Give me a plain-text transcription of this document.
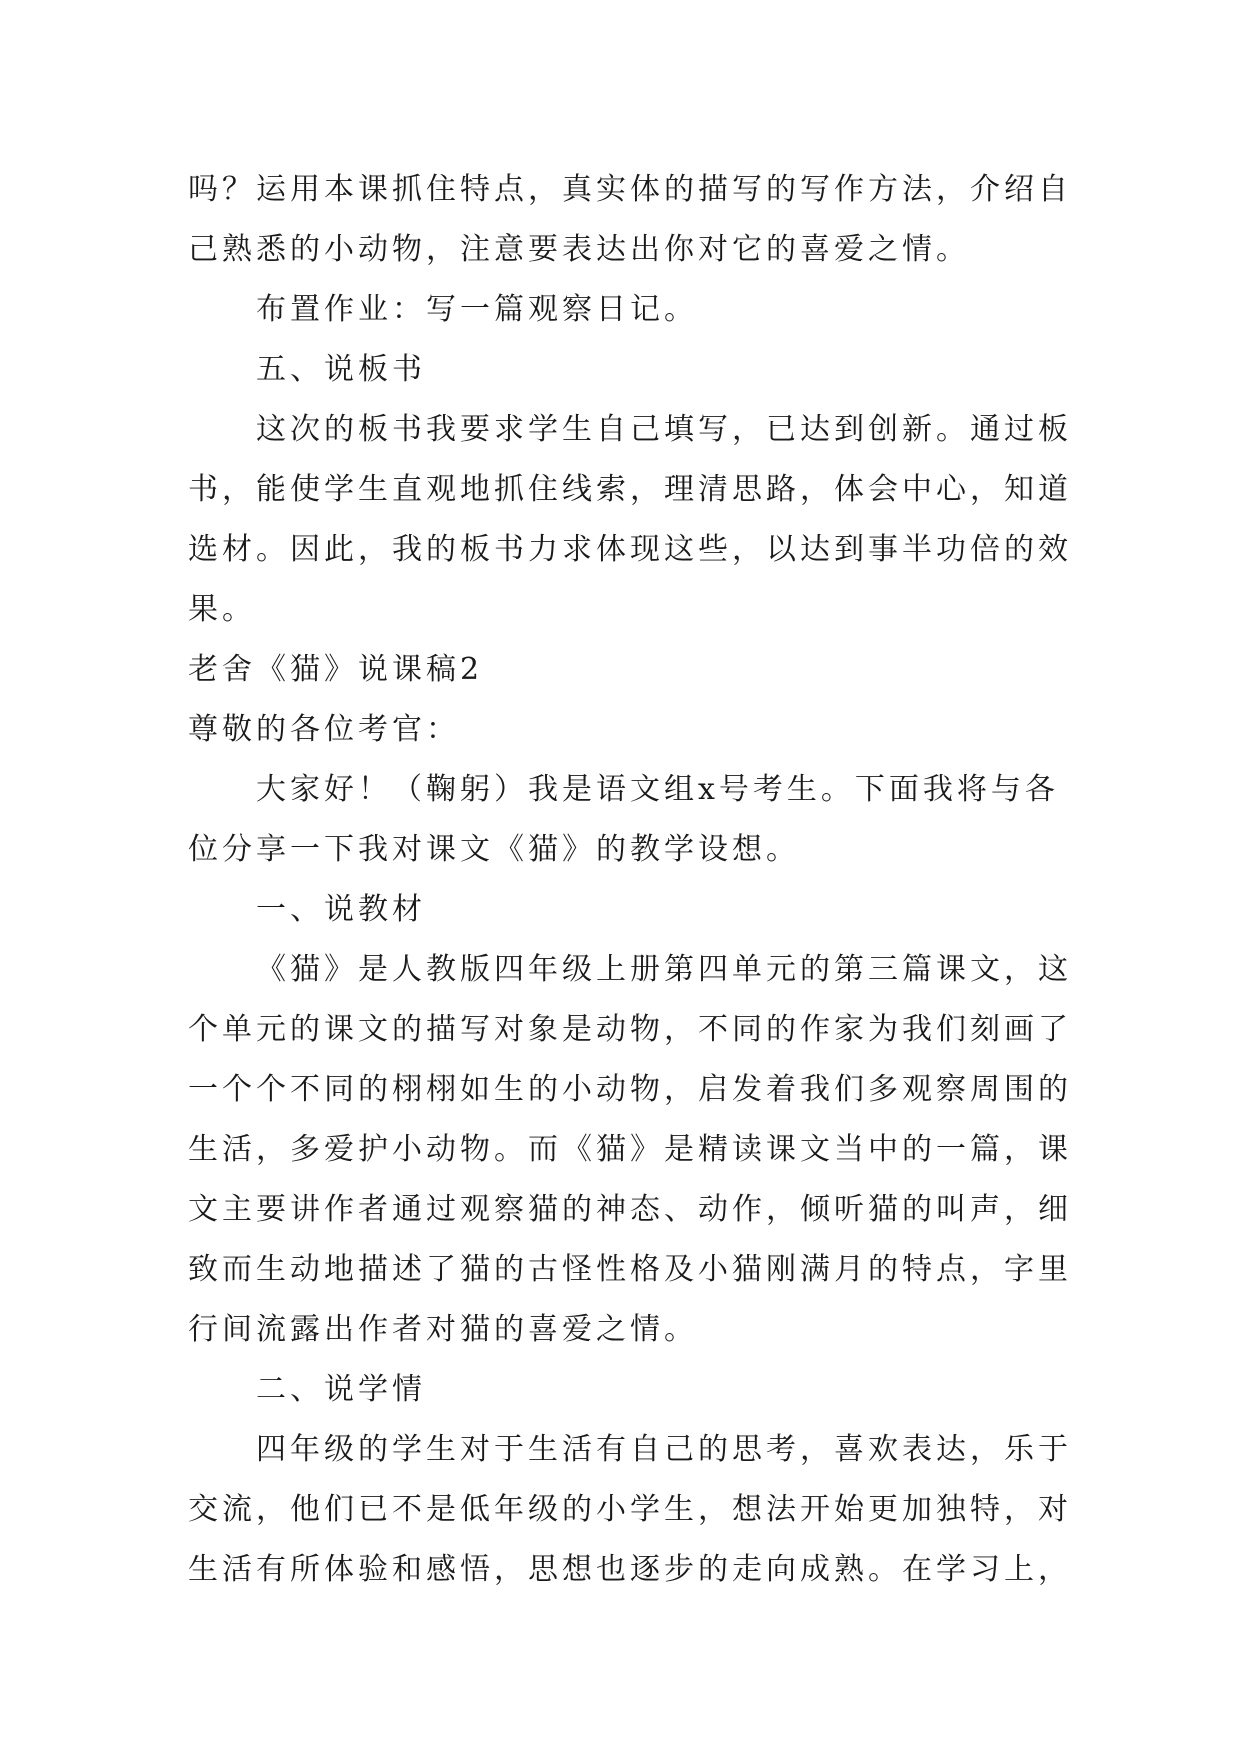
吗？运用本课抓住特点，真实体的描写的写作方法，介绍自
己熟悉的小动物，注意要表达出你对它的喜爱之情。
布置作业：写一篇观察日记。
五、说板书
这次的板书我要求学生自己填写，已达到创新。通过板
书，能使学生直观地抓住线索，理清思路，体会中心，知道
选材。因此，我的板书力求体现这些，以达到事半功倍的效
果。
老舍《猫》说课稿2
尊敬的各位考官：
大家好！（鞠躬）我是语文组x号考生。下面我将与各
位分享一下我对课文《猫》的教学设想。
一、说教材
《猫》是人教版四年级上册第四单元的第三篇课文，这
个单元的课文的描写对象是动物，不同的作家为我们刻画了
一个个不同的栩栩如生的小动物，启发着我们多观察周围的
生活，多爱护小动物。而《猫》是精读课文当中的一篇，课
文主要讲作者通过观察猫的神态、动作，倾听猫的叫声，细
致而生动地描述了猫的古怪性格及小猫刚满月的特点，字里
行间流露出作者对猫的喜爱之情。
二、说学情
四年级的学生对于生活有自己的思考，喜欢表达，乐于
交流，他们已不是低年级的小学生，想法开始更加独特，对
生活有所体验和感悟，思想也逐步的走向成熟。在学习上，
